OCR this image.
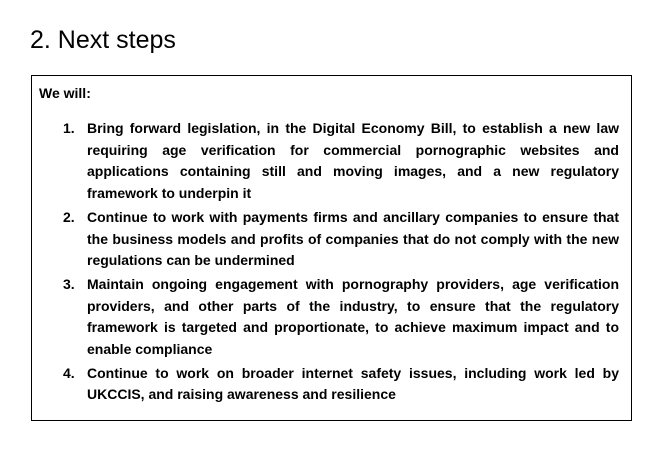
2. Next steps

We will:

1. Bring forward legislation, in the Digital Economy Bill, to establish a new law requiring age verification for commercial pornographic websites and applications containing still and moving images, and a new regulatory framework to underpin it
2. Continue to work with payments firms and ancillary companies to ensure that the business models and profits of companies that do not comply with the new regulations can be undermined
3. Maintain ongoing engagement with pornography providers, age verification providers, and other parts of the industry, to ensure that the regulatory framework is targeted and proportionate, to achieve maximum impact and to enable compliance
4. Continue to work on broader internet safety issues, including work led by UKCCIS, and raising awareness and resilience
